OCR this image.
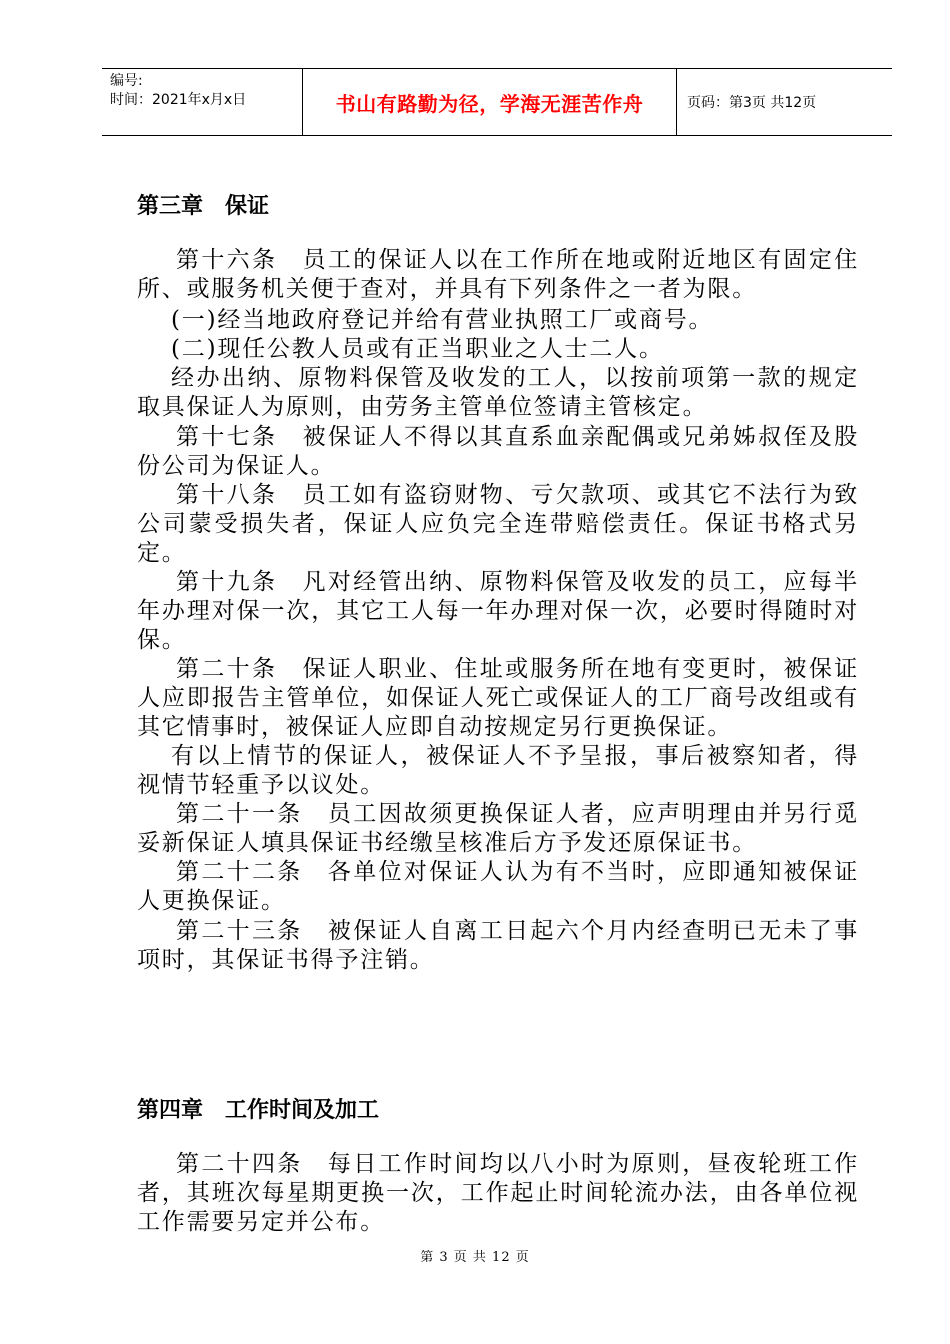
编号:
时间：2021年x月x日	书山有路勤为径，学海无涯苦作舟	页码：第3页 共12页
第三章　保证

第十六条　员工的保证人以在工作所在地或附近地区有固定住所、或服务机关便于查对，并具有下列条件之一者为限。

(一)经当地政府登记并给有营业执照工厂或商号。

(二)现任公教人员或有正当职业之人士二人。

经办出纳、原物料保管及收发的工人，以按前项第一款的规定取具保证人为原则，由劳务主管单位签请主管核定。

第十七条　被保证人不得以其直系血亲配偶或兄弟姊叔侄及股份公司为保证人。

第十八条　员工如有盗窃财物、亏欠款项、或其它不法行为致公司蒙受损失者，保证人应负完全连带赔偿责任。保证书格式另定。

第十九条　凡对经管出纳、原物料保管及收发的员工，应每半年办理对保一次，其它工人每一年办理对保一次，必要时得随时对保。

第二十条　保证人职业、住址或服务所在地有变更时，被保证人应即报告主管单位，如保证人死亡或保证人的工厂商号改组或有其它情事时，被保证人应即自动按规定另行更换保证。

有以上情节的保证人，被保证人不予呈报，事后被察知者，得视情节轻重予以议处。

第二十一条　员工因故须更换保证人者，应声明理由并另行觅妥新保证人填具保证书经缴呈核准后方予发还原保证书。

第二十二条　各单位对保证人认为有不当时，应即通知被保证人更换保证。

第二十三条　被保证人自离工日起六个月内经查明已无未了事项时，其保证书得予注销。

第四章　工作时间及加工

第二十四条　每日工作时间均以八小时为原则，昼夜轮班工作者，其班次每星期更换一次，工作起止时间轮流办法，由各单位视工作需要另定并公布。

第 3 页 共 12 页
